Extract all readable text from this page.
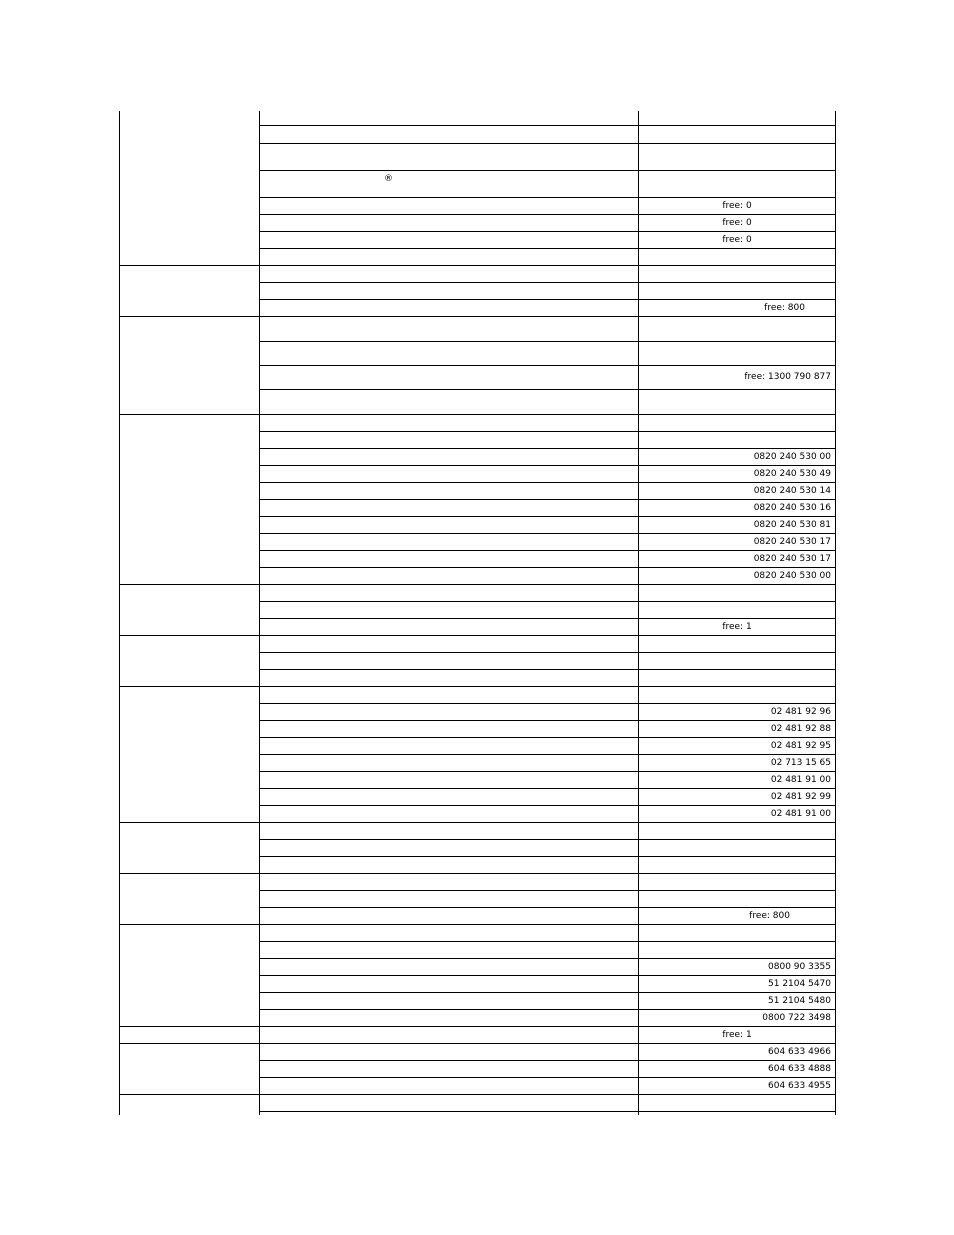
	®	
		free: 0
		free: 0
		free: 0

		free: 800

		free: 1300 790 877

		0820 240 530 00
		0820 240 530 49
		0820 240 530 14
		0820 240 530 16
		0820 240 530 81
		0820 240 530 17
		0820 240 530 17
		0820 240 530 00

		free: 1

		02 481 92 96
		02 481 92 88
		02 481 92 95
		02 713 15 65
		02 481 91 00
		02 481 92 99
		02 481 91 00

		free: 800

		0800 90 3355
		51 2104 5470
		51 2104 5480
		0800 722 3498
		free: 1
		604 633 4966
		604 633 4888
		604 633 4955
